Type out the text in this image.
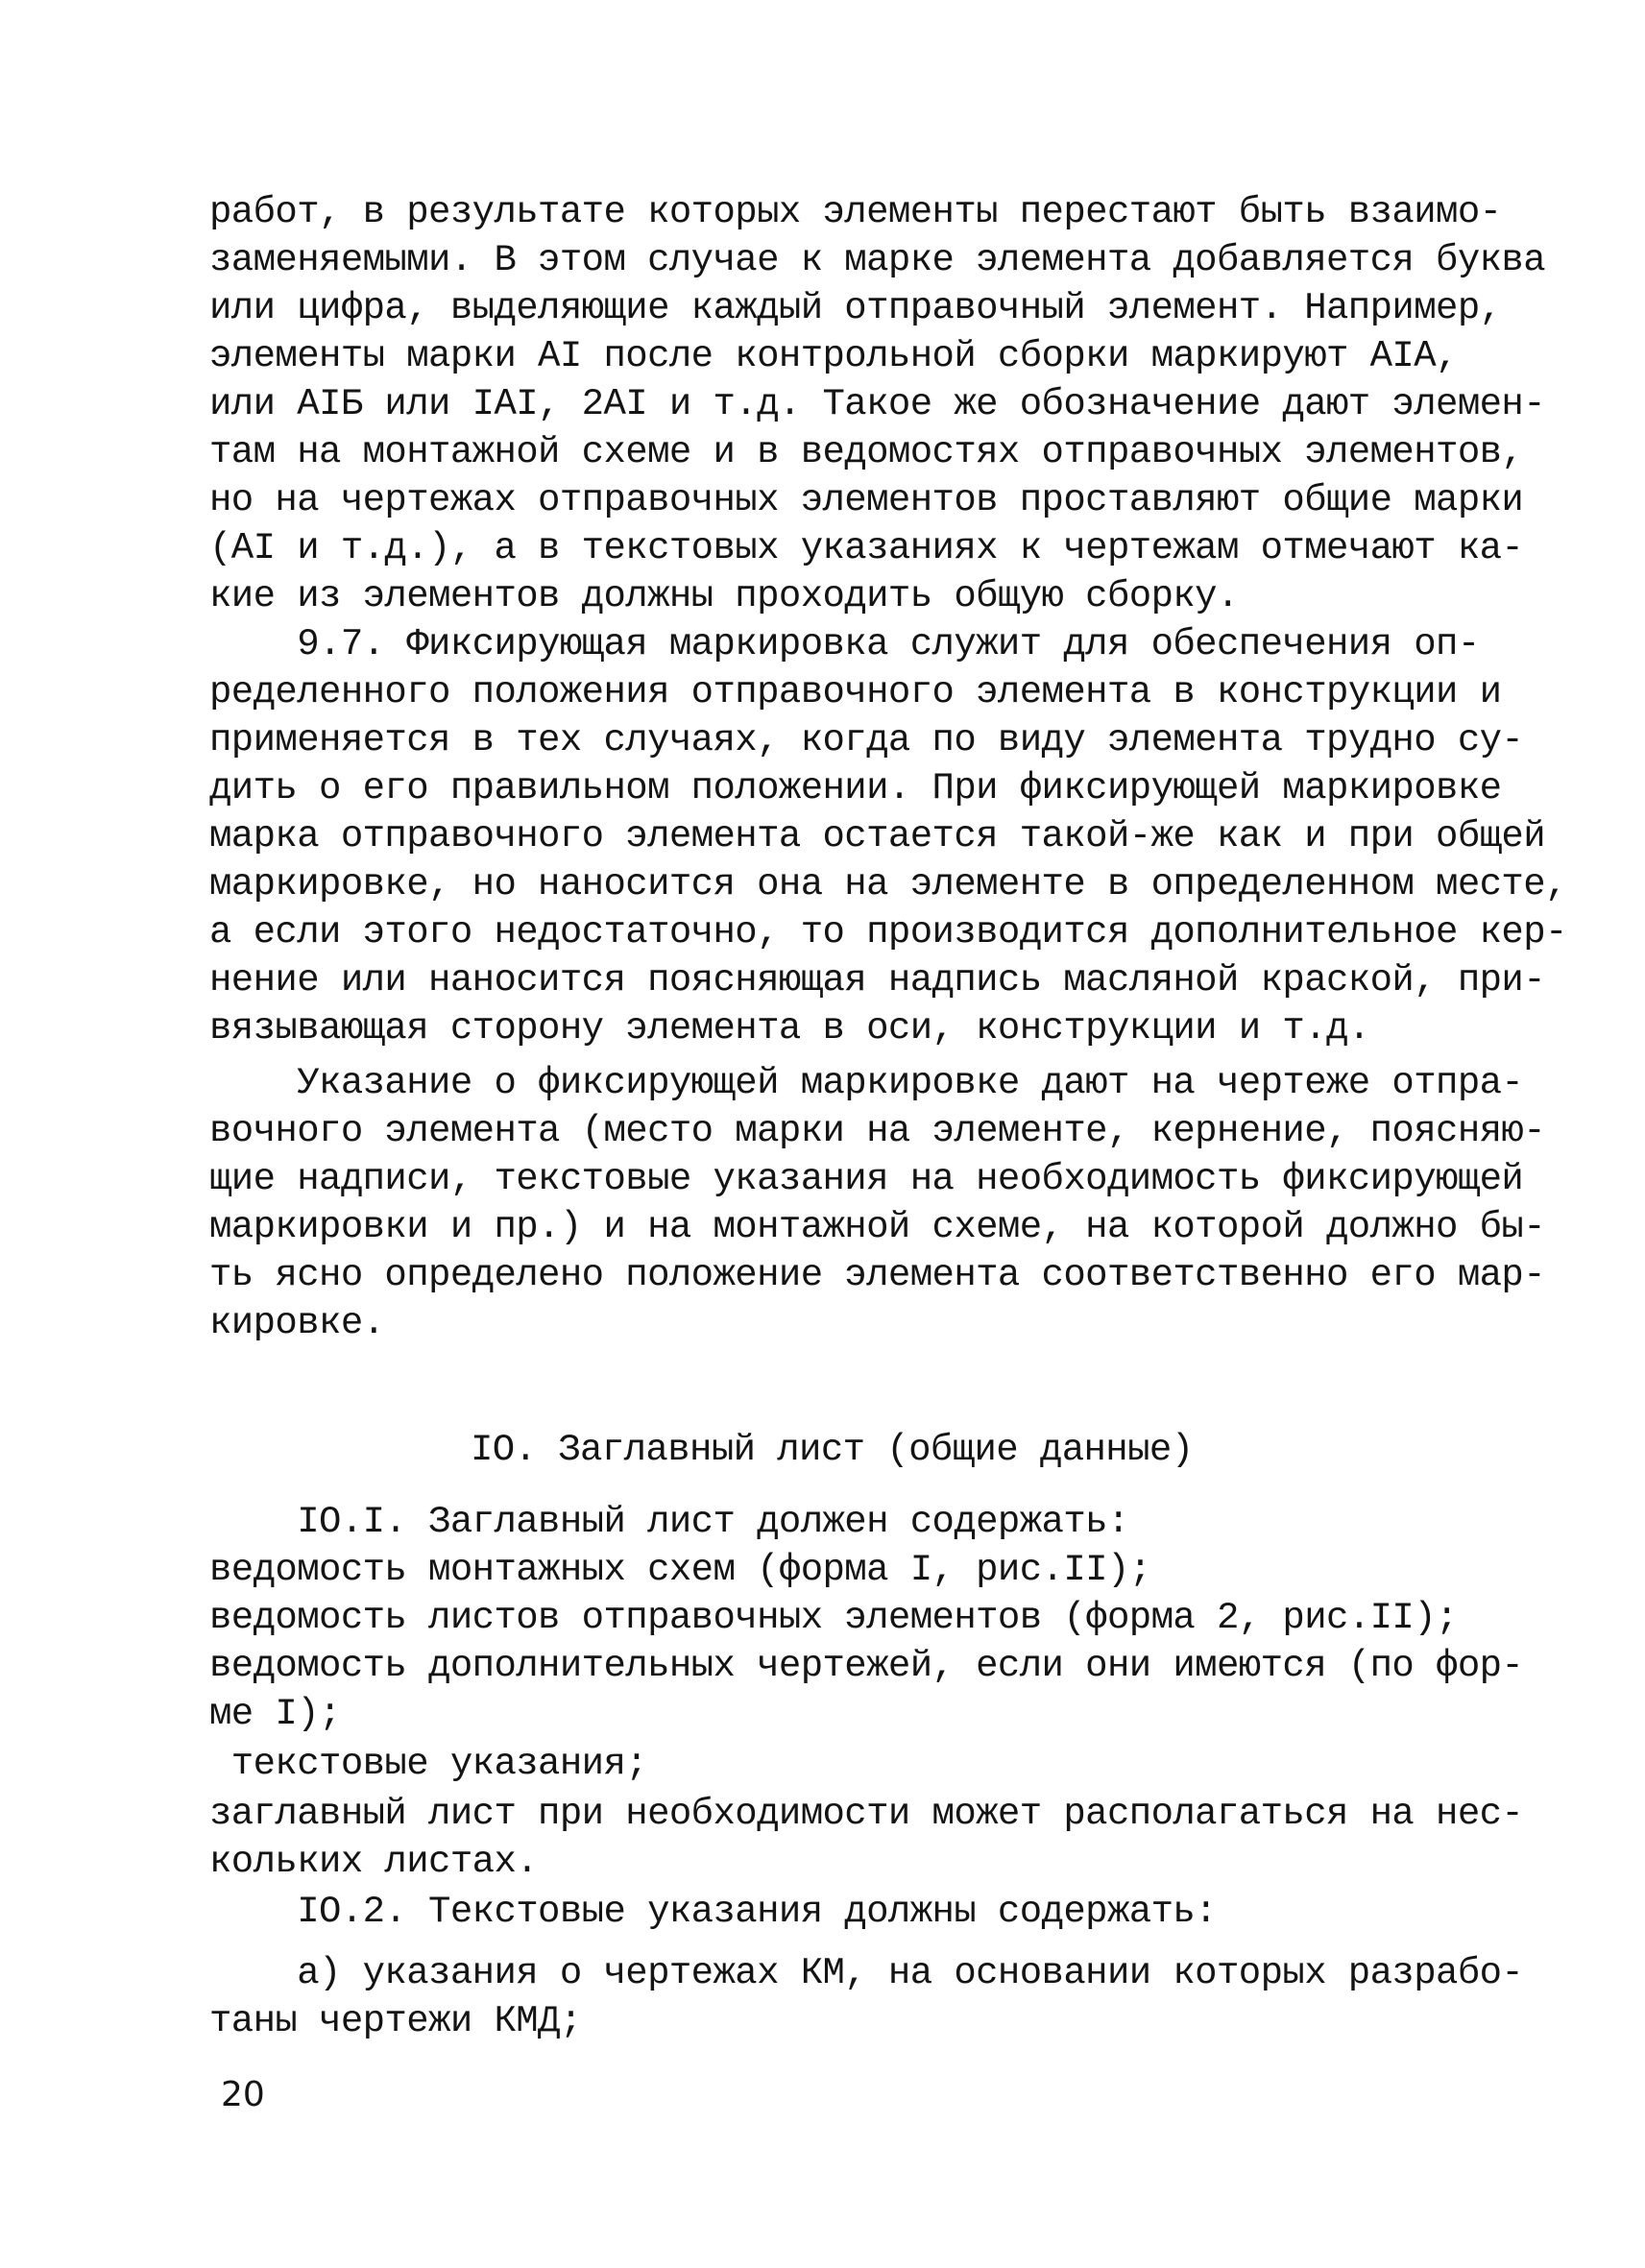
работ, в результате которых элементы перестают быть взаимо-
заменяемыми. В этом случае к марке элемента добавляется буква
или цифра, выделяющие каждый отправочный элемент. Например,
элементы марки АI после контрольной сборки маркируют АIА,
или АIБ или IАI, 2АI и т.д. Такое же обозначение дают элемен-
там на монтажной схеме и в ведомостях отправочных элементов,
но на чертежах отправочных элементов проставляют общие марки
(АI и т.д.), а в текстовых указаниях к чертежам отмечают ка-
кие из элементов должны проходить общую сборку.
9.7. Фиксирующая маркировка служит для обеспечения оп-
ределенного положения отправочного элемента в конструкции и
применяется в тех случаях, когда по виду элемента трудно су-
дить о его правильном положении. При фиксирующей маркировке
марка отправочного элемента остается такой-же как и при общей
маркировке, но наносится она на элементе в определенном месте,
а если этого недостаточно, то производится дополнительное кер-
нение или наносится поясняющая надпись масляной краской, при-
вязывающая сторону элемента в оси, конструкции и т.д.
Указание о фиксирующей маркировке дают на чертеже отпра-
вочного элемента (место марки на элементе, кернение, поясняю-
щие надписи, текстовые указания на необходимость фиксирующей
маркировки и пр.) и на монтажной схеме, на которой должно бы-
ть ясно определено положение элемента соответственно его мар-
кировке.
IO. Заглавный лист (общие данные)
IO.I. Заглавный лист должен содержать:
ведомость монтажных схем (форма I, рис.II);
ведомость листов отправочных элементов (форма 2, рис.II);
ведомость дополнительных чертежей, если они имеются (по фор-
ме I);
текстовые указания;
заглавный лист при необходимости может располагаться на нес-
кольких листах.
IO.2. Текстовые указания должны содержать:
а) указания о чертежах КМ, на основании которых разрабо-
таны чертежи КМД;
20
